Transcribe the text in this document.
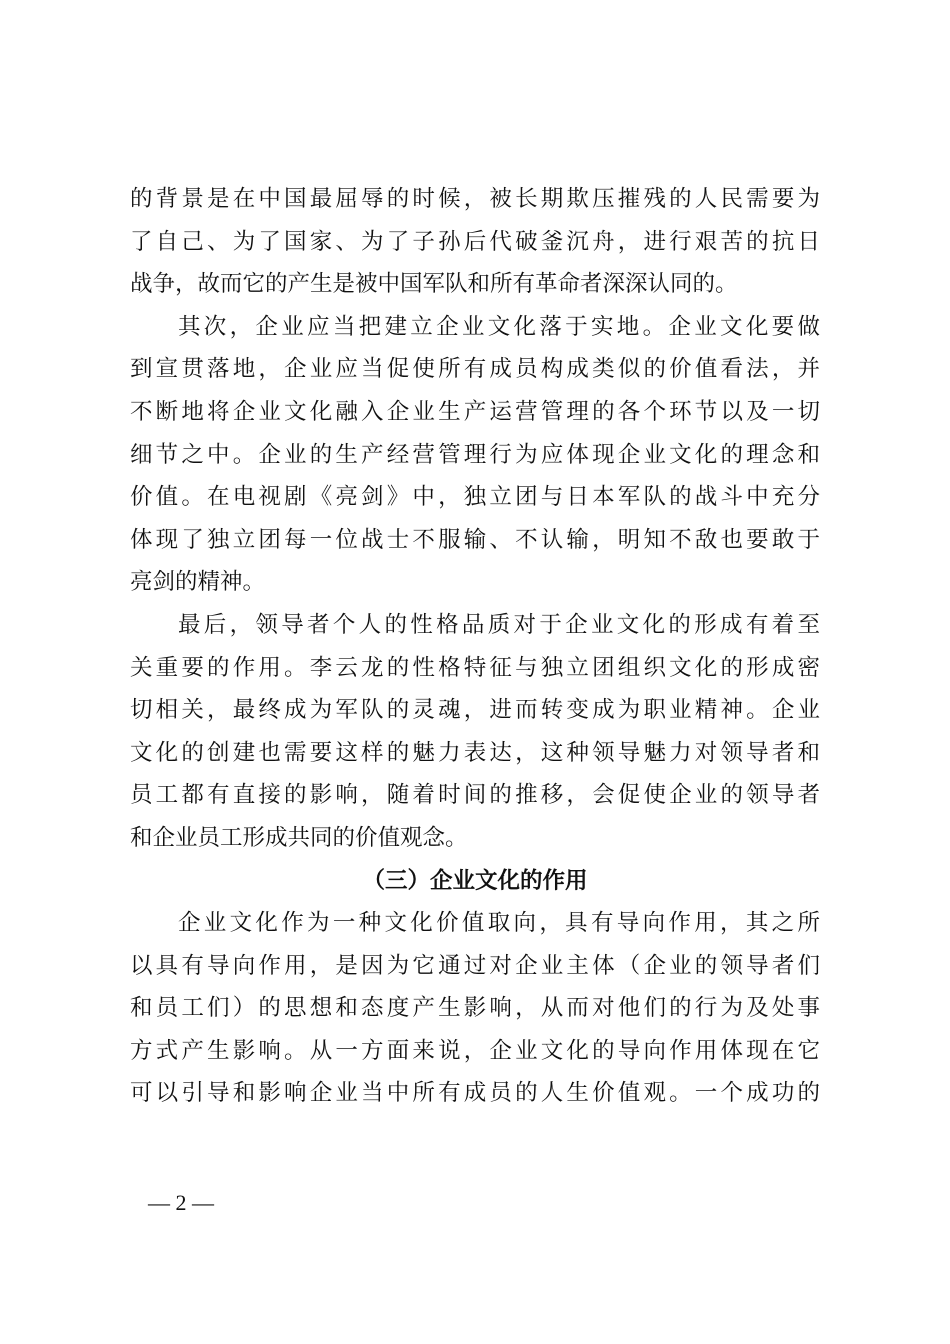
的背景是在中国最屈辱的时候，被长期欺压摧残的人民需要为
了自己、为了国家、为了子孙后代破釜沉舟，进行艰苦的抗日
战争，故而它的产生是被中国军队和所有革命者深深认同的。
其次，企业应当把建立企业文化落于实地。企业文化要做
到宣贯落地，企业应当促使所有成员构成类似的价值看法，并
不断地将企业文化融入企业生产运营管理的各个环节以及一切
细节之中。企业的生产经营管理行为应体现企业文化的理念和
价值。在电视剧《亮剑》中，独立团与日本军队的战斗中充分
体现了独立团每一位战士不服输、不认输，明知不敌也要敢于
亮剑的精神。
最后，领导者个人的性格品质对于企业文化的形成有着至
关重要的作用。李云龙的性格特征与独立团组织文化的形成密
切相关，最终成为军队的灵魂，进而转变成为职业精神。企业
文化的创建也需要这样的魅力表达，这种领导魅力对领导者和
员工都有直接的影响，随着时间的推移，会促使企业的领导者
和企业员工形成共同的价值观念。
（三）企业文化的作用
企业文化作为一种文化价值取向，具有导向作用，其之所
以具有导向作用，是因为它通过对企业主体（企业的领导者们
和员工们）的思想和态度产生影响，从而对他们的行为及处事
方式产生影响。从一方面来说，企业文化的导向作用体现在它
可以引导和影响企业当中所有成员的人生价值观。一个成功的
— 2 —
